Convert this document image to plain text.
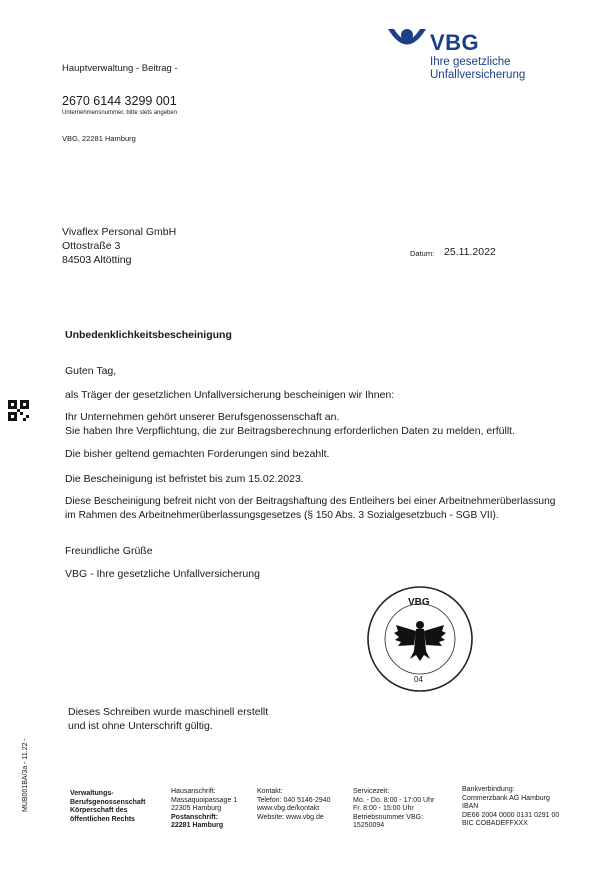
VBG
Ihre gesetzliche
Unfallversicherung
Hauptverwaltung - Beitrag -
2670 6144 3299 001
Unternehmensnummer, bitte stets angeben
VBG, 22281 Hamburg
Vivaflex Personal GmbH
Ottostraße 3
84503 Altötting
Datum: 25.11.2022
Unbedenklichkeitsbescheinigung
Guten Tag,
als Träger der gesetzlichen Unfallversicherung bescheinigen wir Ihnen:
Ihr Unternehmen gehört unserer Berufsgenossenschaft an.
Sie haben Ihre Verpflichtung, die zur Beitragsberechnung erforderlichen Daten zu melden, erfüllt.
Die bisher geltend gemachten Forderungen sind bezahlt.
Die Bescheinigung ist befristet bis zum 15.02.2023.
Diese Bescheinigung befreit nicht von der Beitragshaftung des Entleihers bei einer Arbeitnehmerüberlassung
im Rahmen des Arbeitnehmerüberlassungsgesetzes (§ 150 Abs. 3 Sozialgesetzbuch - SGB VII).
Freundliche Grüße
VBG - Ihre gesetzliche Unfallversicherung
VBG
04
Dieses Schreiben wurde maschinell erstellt
und ist ohne Unterschrift gültig.
MUB001BA/3a - 11.22 -	Verwaltungs-
Berufsgenossenschaft
Körperschaft des
öffentlichen Rechts
Hausanschrift:
Massaquoipassage 1
22305 Hamburg
Postanschrift:
22281 Hamburg
Kontakt:
Telefon: 040 5146-2940
www.vbg.de/kontakt
Website: www.vbg.de
Servicezeit:
Mo. - Do. 8:00 - 17:00 Uhr
Fr. 8:00 - 15:00 Uhr
Betriebsnummer VBG:
15250094
Bankverbindung:
Commerzbank AG Hamburg
IBAN
DE66 2004 0000 0131 0291 00
BIC COBADEFFXXX
